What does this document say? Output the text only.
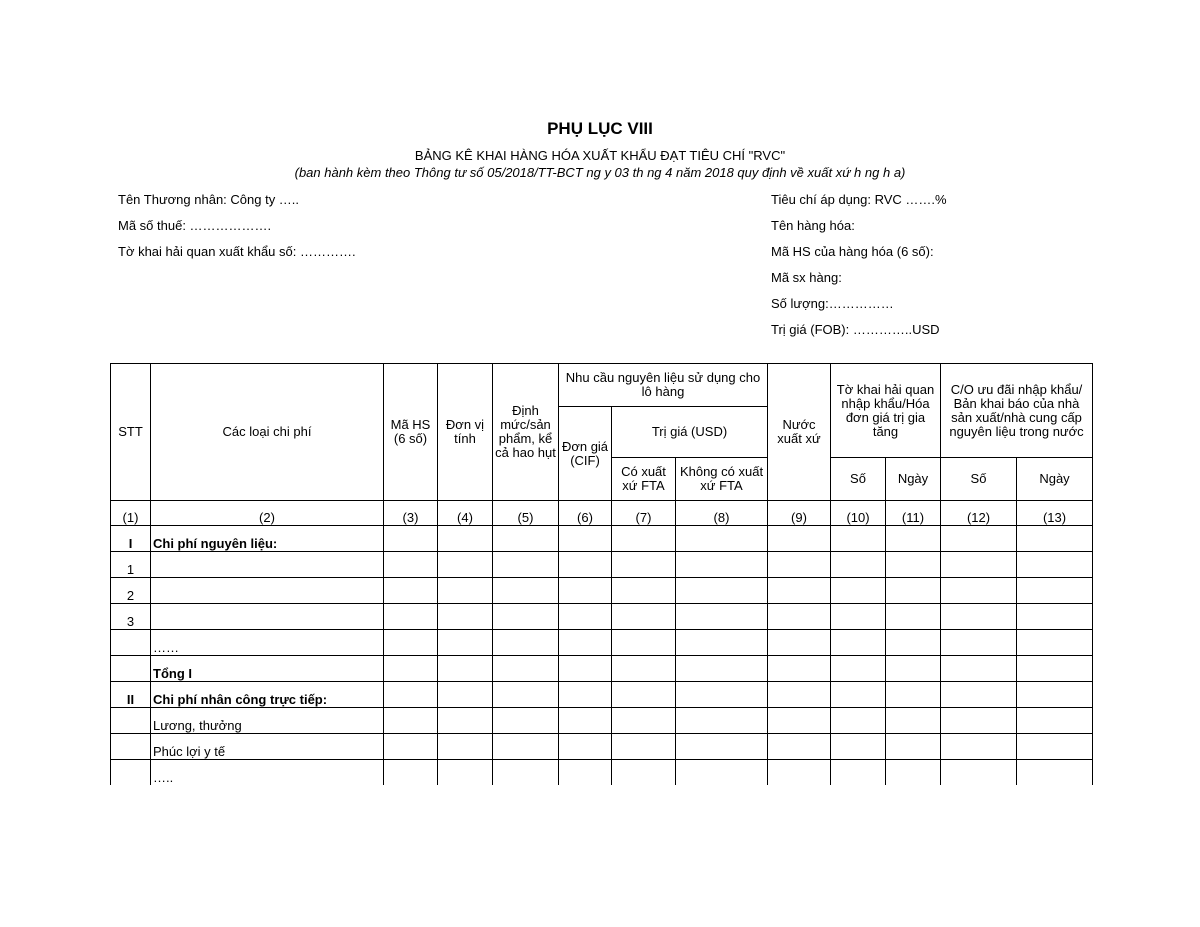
PHỤ LỤC VIII
BẢNG KÊ KHAI HÀNG HÓA XUẤT KHẨU ĐẠT TIÊU CHÍ "RVC"
(ban hành kèm theo Thông tư số 05/2018/TT-BCT ng y 03 th ng 4 năm 2018 quy định về xuất xứ h ng h a)
Tên Thương nhân: Công ty …..
Mã số thuế: ……………….
Tờ khai hải quan xuất khẩu số: ………….
Tiêu chí áp dụng: RVC …….%
Tên hàng hóa:
Mã HS của hàng hóa (6 số):
Mã sx hàng:
Số lượng:……………
Trị giá (FOB): …………..USD
STT	Các loại chi phí	Mã HS (6 số)	Đơn vị tính	Định mức/sản phẩm, kể cả hao hụt	Nhu cầu nguyên liệu sử dụng cho lô hàng			Nước xuất xứ	Tờ khai hải quan nhập khẩu/Hóa đơn giá trị gia tăng		C/O ưu đãi nhập khẩu/ Bản khai báo của nhà sản xuất/nhà cung cấp nguyên liệu trong nước	
					Đơn giá (CIF)	Trị giá (USD)						
						Có xuất xứ FTA	Không có xuất xứ FTA		Số	Ngày	Số	Ngày
(1)	(2)	(3)	(4)	(5)	(6)	(7)	(8)	(9)	(10)	(11)	(12)	(13)
I	Chi phí nguyên liệu:											
1												
2												
3												
	……											
	Tổng I											
II	Chi phí nhân công trực tiếp:											
	Lương, thưởng											
	Phúc lợi y tế											
	…..											
